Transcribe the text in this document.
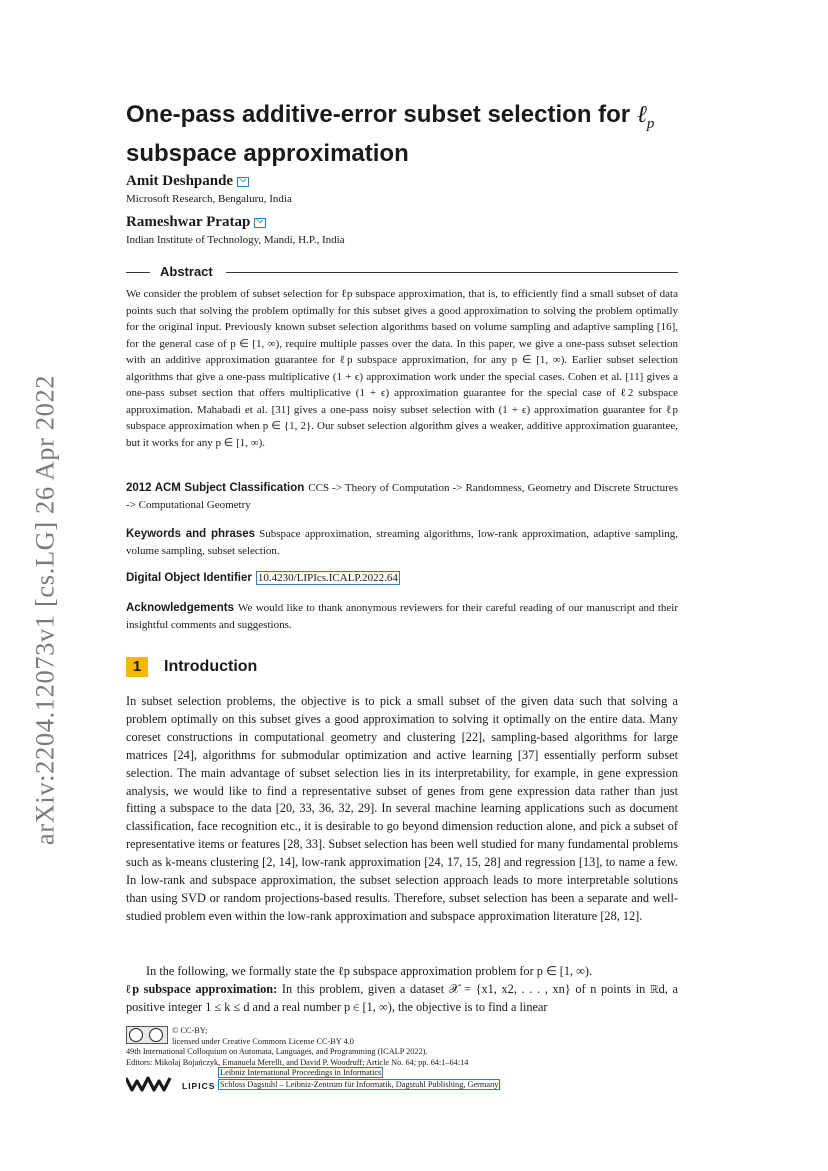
arXiv:2204.12073v1 [cs.LG] 26 Apr 2022
One-pass additive-error subset selection for ℓ$_p$
subspace approximation
Amit Deshpande
Microsoft Research, Bengaluru, India
Rameshwar Pratap
Indian Institute of Technology, Mandi, H.P., India
Abstract
We consider the problem of subset selection for ℓp subspace approximation, that is, to efficiently find a small subset of data points such that solving the problem optimally for this subset gives a good approximation to solving the problem optimally for the original input. Previously known subset selection algorithms based on volume sampling and adaptive sampling [16], for the general case of p ∈ [1, ∞), require multiple passes over the data. In this paper, we give a one-pass subset selection with an additive approximation guarantee for ℓp subspace approximation, for any p ∈ [1, ∞). Earlier subset selection algorithms that give a one-pass multiplicative (1 + ϵ) approximation work under the special cases. Cohen et al. [11] gives a one-pass subset section that offers multiplicative (1 + ϵ) approximation guarantee for the special case of ℓ2 subspace approximation. Mahabadi et al. [31] gives a one-pass noisy subset selection with (1 + ϵ) approximation guarantee for ℓp subspace approximation when p ∈ {1, 2}. Our subset selection algorithm gives a weaker, additive approximation guarantee, but it works for any p ∈ [1, ∞).
2012 ACM Subject Classification CCS -> Theory of Computation -> Randomness, Geometry and Discrete Structures -> Computational Geometry
Keywords and phrases Subspace approximation, streaming algorithms, low-rank approximation, adaptive sampling, volume sampling, subset selection.
Digital Object Identifier 10.4230/LIPIcs.ICALP.2022.64
Acknowledgements We would like to thank anonymous reviewers for their careful reading of our manuscript and their insightful comments and suggestions.
1	Introduction
In subset selection problems, the objective is to pick a small subset of the given data such that solving a problem optimally on this subset gives a good approximation to solving it optimally on the entire data. Many coreset constructions in computational geometry and clustering [22], sampling-based algorithms for large matrices [24], algorithms for submodular optimization and active learning [37] essentially perform subset selection. The main advantage of subset selection lies in its interpretability, for example, in gene expression analysis, we would like to find a representative subset of genes from gene expression data rather than just fitting a subspace to the data [20, 33, 36, 32, 29]. In several machine learning applications such as document classification, face recognition etc., it is desirable to go beyond dimension reduction alone, and pick a subset of representative items or features [28, 33]. Subset selection has been well studied for many fundamental problems such as k-means clustering [2, 14], low-rank approximation [24, 17, 15, 28] and regression [13], to name a few. In low-rank and subspace approximation, the subset selection approach leads to more interpretable solutions than using SVD or random projections-based results. Therefore, subset selection has been a separate and well-studied problem even within the low-rank approximation and subspace approximation literature [28, 12].
In the following, we formally state the ℓp subspace approximation problem for p ∈ [1, ∞).
ℓp subspace approximation: In this problem, given a dataset 𝒳 = {x1, x2, . . . , xn} of n points in ℝd, a positive integer 1 ≤ k ≤ d and a real number p ∈ [1, ∞), the objective is to find a linear
© CC-BY;
licensed under Creative Commons License CC-BY 4.0
49th International Colloquium on Automata, Languages, and Programming (ICALP 2022).
Editors: Mikołaj Bojańczyk, Emanuela Merelli, and David P. Woodruff; Article No. 64; pp. 64:1–64:14
Leibniz International Proceedings in Informatics
Schloss Dagstuhl – Leibniz-Zentrum für Informatik, Dagstuhl Publishing, Germany
LIPICS
